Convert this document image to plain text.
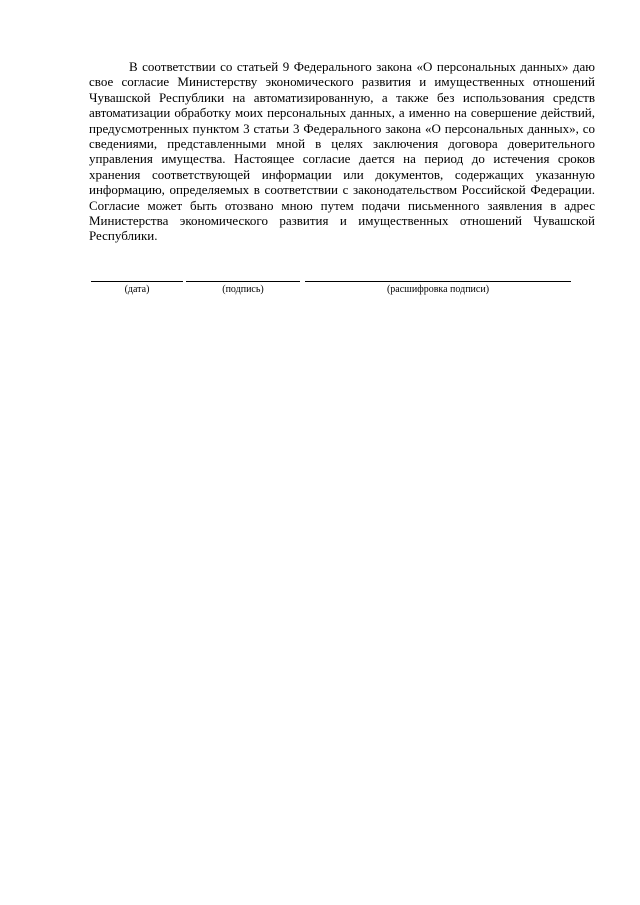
В соответствии со статьей 9 Федерального закона «О персональных данных» даю свое согласие Министерству экономического развития и имущественных отношений Чувашской Республики на автоматизированную, а также без использования средств автоматизации обработку моих персональных данных, а именно на совершение действий, предусмотренных пунктом 3 статьи 3 Федерального закона «О персональных данных», со сведениями, представленными мной в целях заключения договора доверительного управления имущества. Настоящее согласие дается на период до истечения сроков хранения соответствующей информации или документов, содержащих указанную информацию, определяемых в соответствии с законодательством Российской Федерации. Согласие может быть отозвано мною путем подачи письменного заявления в адрес Министерства экономического развития и имущественных отношений Чувашской Республики.

(дата)	(подпись)	(расшифровка подписи)
